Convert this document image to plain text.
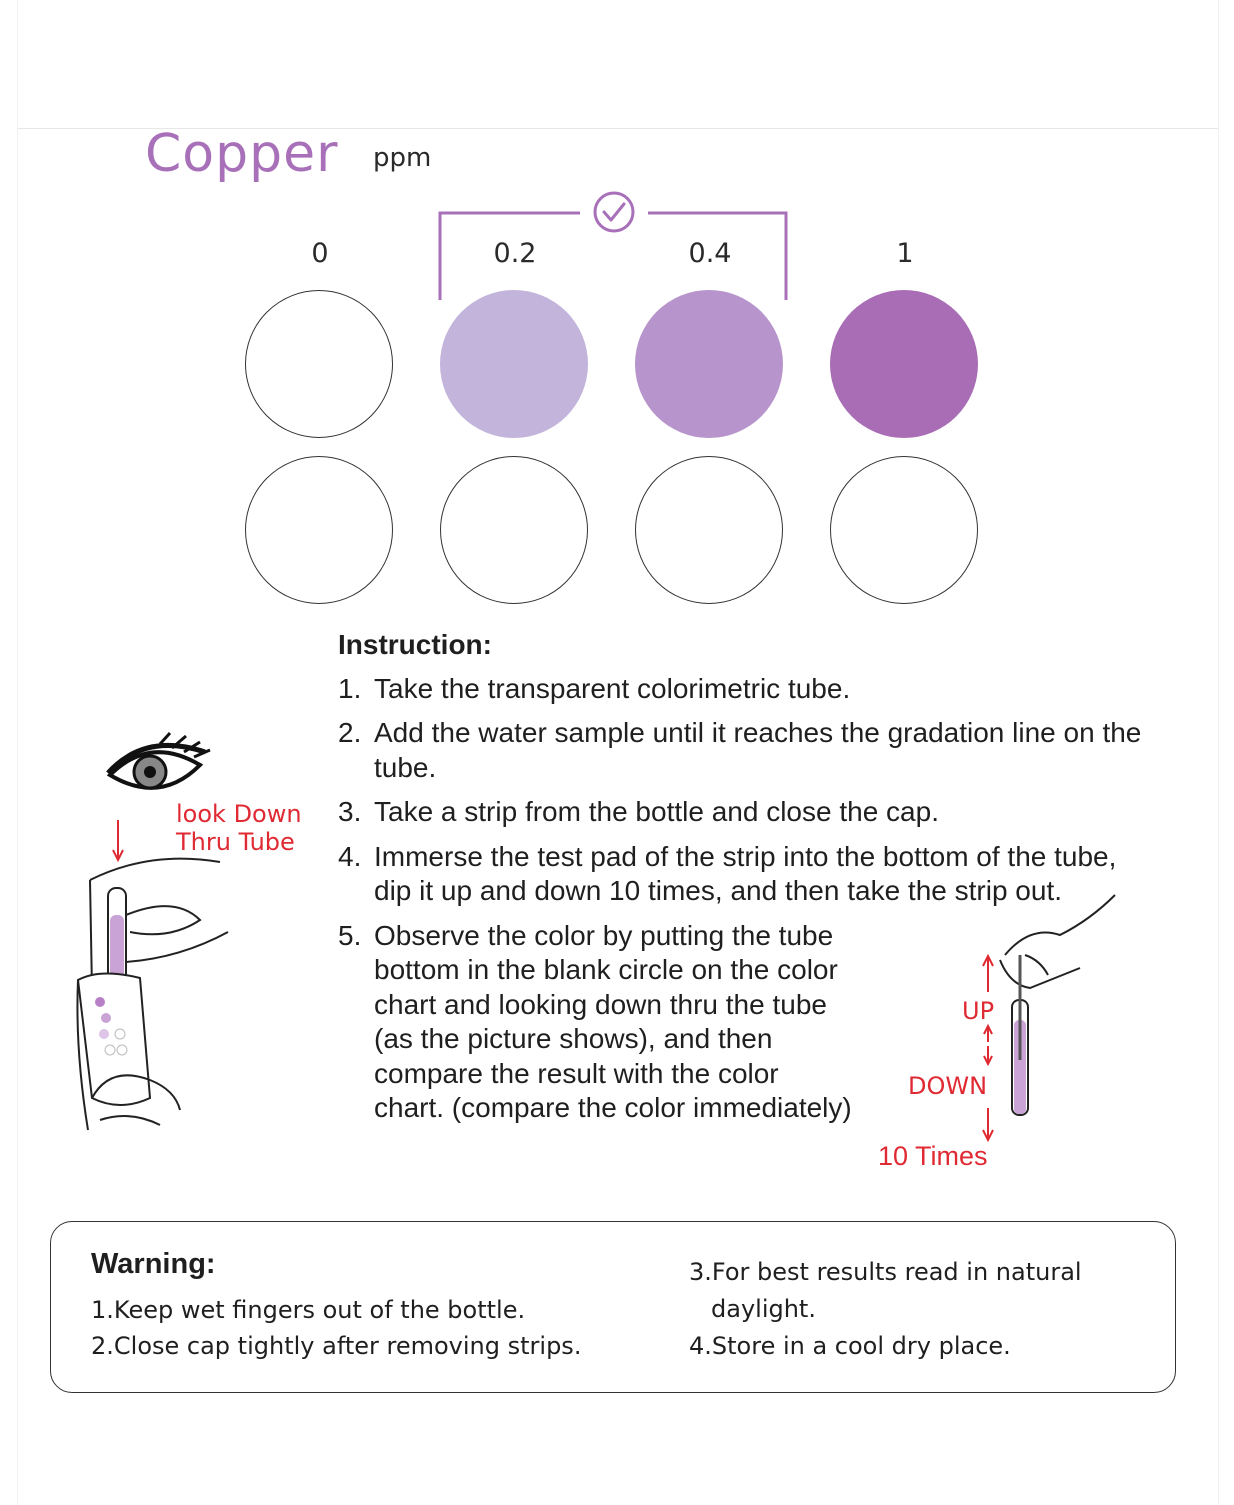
Copper ppm
0	0.2	0.4	1
Instruction:
1. Take the transparent colorimetric tube.
2. Add the water sample until it reaches the gradation line on the tube.
3. Take a strip from the bottle and close the cap.
4. Immerse the test pad of the strip into the bottom of the tube, dip it up and down 10 times, and then take the strip out.
5. Observe the color by putting the tube bottom in the blank circle on the color chart and looking down thru the tube (as the picture shows), and then compare the result with the color chart. (compare the color immediately)
look Down
Thru Tube
UP
DOWN
10 Times
Warning:
1.Keep wet fingers out of the bottle.
2.Close cap tightly after removing strips.
3.For best results read in natural
daylight.
4.Store in a cool dry place.
